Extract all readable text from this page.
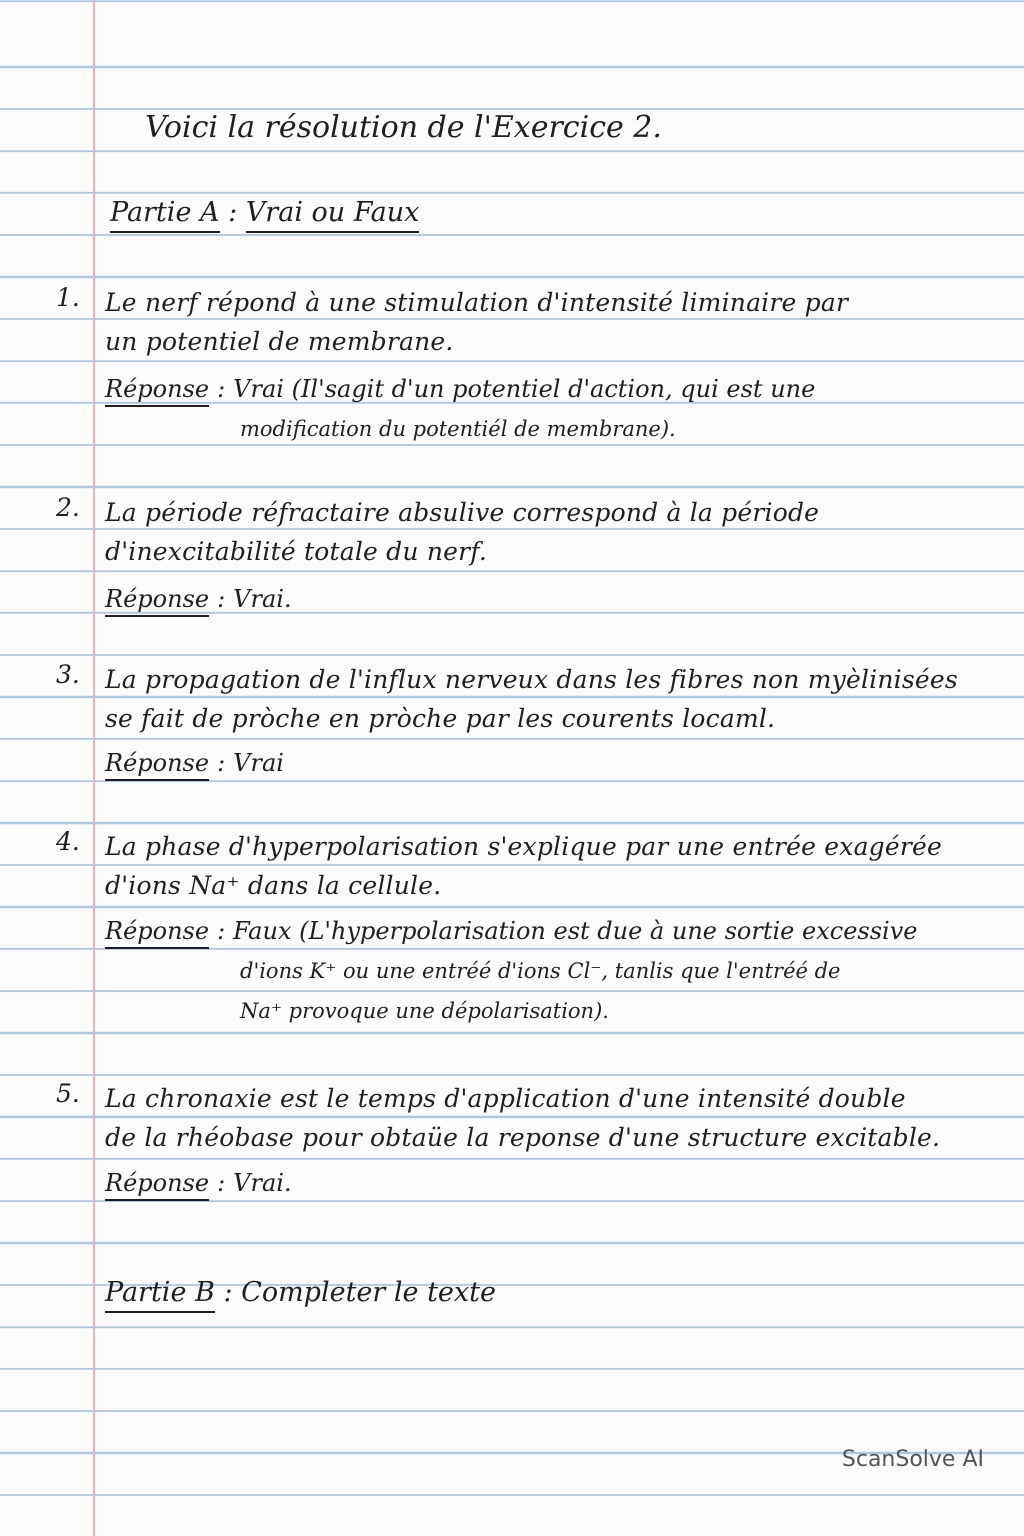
Voici la résolution de l'Exercice 2.
Partie A : Vrai ou Faux
1. Le nerf répond à une stimulation d'intensité liminaire par
un potentiel de membrane.
Réponse : Vrai (Il'sagit d'un potentiel d'action, qui est une
modification du potentiél de membrane).
2. La période réfractaire absulive correspond à la période
d'inexcitabilité totale du nerf.
Réponse : Vrai.
3. La propagation de l'influx nerveux dans les fibres non myèlinisées
se fait de pròche en pròche par les courents locaml.
Réponse : Vrai
4. La phase d'hyperpolarisation s'explique par une entrée exagérée
d'ions Na⁺ dans la cellule.
Réponse : Faux (L'hyperpolarisation est due à une sortie excessive
d'ions K⁺ ou une entréé d'ions Cl⁻, tanlis que l'entréé de
Na⁺ provoque une dépolarisation).
5. La chronaxie est le temps d'application d'une intensité double
de la rhéobase pour obtaüe la reponse d'une structure excitable.
Réponse : Vrai.
Partie B : Completer le texte
ScanSolve AI
